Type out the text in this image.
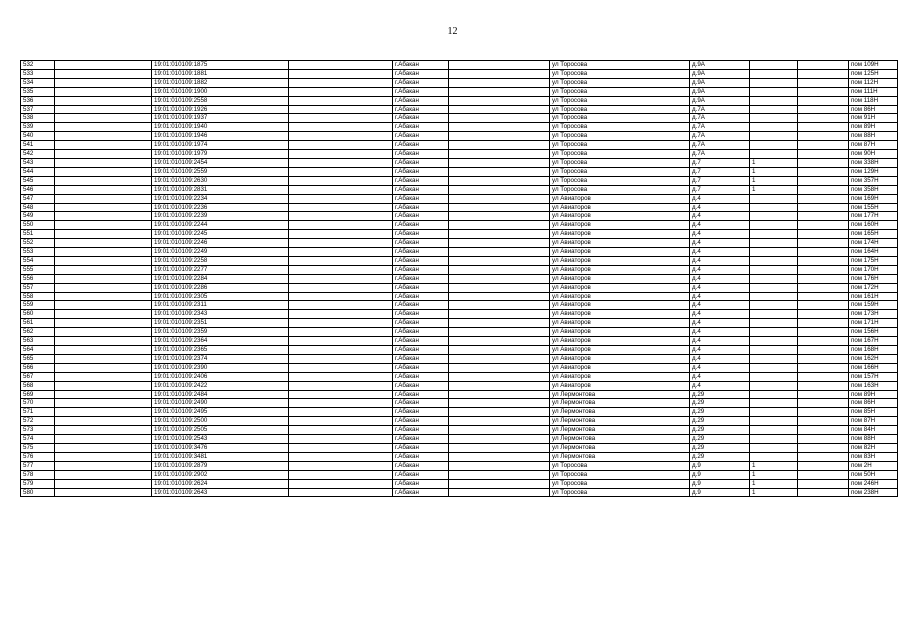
12
532		19:01:010109:1875		г.Абакан		ул Торосова	д.9А			пом 109Н
533		19:01:010109:1881		г.Абакан		ул Торосова	д.9А			пом 125Н
534		19:01:010109:1882		г.Абакан		ул Торосова	д.9А			пом 112Н
535		19:01:010109:1900		г.Абакан		ул Торосова	д.9А			пом 111Н
536		19:01:010109:2558		г.Абакан		ул Торосова	д.9А			пом 118Н
537		19:01:010109:1926		г.Абакан		ул Торосова	д.7А			пом 86Н
538		19:01:010109:1937		г.Абакан		ул Торосова	д.7А			пом 91Н
539		19:01:010109:1940		г.Абакан		ул Торосова	д.7А			пом 89Н
540		19:01:010109:1946		г.Абакан		ул Торосова	д.7А			пом 88Н
541		19:01:010109:1974		г.Абакан		ул Торосова	д.7А			пом 87Н
542		19:01:010109:1979		г.Абакан		ул Торосова	д.7А			пом 90Н
543		19:01:010109:2454		г.Абакан		ул Торосова	д.7	1		пом 338Н
544		19:01:010109:2559		г.Абакан		ул Торосова	д.7	1		пом 129Н
545		19:01:010109:2630		г.Абакан		ул Торосова	д.7	1		пом 357Н
546		19:01:010109:2831		г.Абакан		ул Торосова	д.7	1		пом 358Н
547		19:01:010109:2234		г.Абакан		ул Авиаторов	д.4			пом 169Н
548		19:01:010109:2236		г.Абакан		ул Авиаторов	д.4			пом 155Н
549		19:01:010109:2239		г.Абакан		ул Авиаторов	д.4			пом 177Н
550		19:01:010109:2244		г.Абакан		ул Авиаторов	д.4			пом 160Н
551		19:01:010109:2245		г.Абакан		ул Авиаторов	д.4			пом 165Н
552		19:01:010109:2246		г.Абакан		ул Авиаторов	д.4			пом 174Н
553		19:01:010109:2249		г.Абакан		ул Авиаторов	д.4			пом 164Н
554		19:01:010109:2258		г.Абакан		ул Авиаторов	д.4			пом 175Н
555		19:01:010109:2277		г.Абакан		ул Авиаторов	д.4			пом 170Н
556		19:01:010109:2284		г.Абакан		ул Авиаторов	д.4			пом 176Н
557		19:01:010109:2286		г.Абакан		ул Авиаторов	д.4			пом 172Н
558		19:01:010109:2305		г.Абакан		ул Авиаторов	д.4			пом 161Н
559		19:01:010109:2311		г.Абакан		ул Авиаторов	д.4			пом 159Н
560		19:01:010109:2343		г.Абакан		ул Авиаторов	д.4			пом 173Н
561		19:01:010109:2351		г.Абакан		ул Авиаторов	д.4			пом 171Н
562		19:01:010109:2359		г.Абакан		ул Авиаторов	д.4			пом 156Н
563		19:01:010109:2364		г.Абакан		ул Авиаторов	д.4			пом 167Н
564		19:01:010109:2365		г.Абакан		ул Авиаторов	д.4			пом 168Н
565		19:01:010109:2374		г.Абакан		ул Авиаторов	д.4			пом 162Н
566		19:01:010109:2390		г.Абакан		ул Авиаторов	д.4			пом 166Н
567		19:01:010109:2406		г.Абакан		ул Авиаторов	д.4			пом 157Н
568		19:01:010109:2422		г.Абакан		ул Авиаторов	д.4			пом 163Н
569		19:01:010109:2484		г.Абакан		ул Лермонтова	д.29			пом 89Н
570		19:01:010109:2490		г.Абакан		ул Лермонтова	д.29			пом 86Н
571		19:01:010109:2495		г.Абакан		ул Лермонтова	д.29			пом 85Н
572		19:01:010109:2500		г.Абакан		ул Лермонтова	д.29			пом 87Н
573		19:01:010109:2505		г.Абакан		ул Лермонтова	д.29			пом 84Н
574		19:01:010109:2543		г.Абакан		ул Лермонтова	д.29			пом 88Н
575		19:01:010109:3476		г.Абакан		ул Лермонтова	д.29			пом 82Н
576		19:01:010109:3481		г.Абакан		ул Лермонтова	д.29			пом 83Н
577		19:01:010109:2879		г.Абакан		ул Торосова	д.9	1		пом 2Н
578		19:01:010109:2902		г.Абакан		ул Торосова	д.9	1		пом 50Н
579		19:01:010109:2624		г.Абакан		ул Торосова	д.9	1		пом 246Н
580		19:01:010109:2643		г.Абакан		ул Торосова	д.9	1		пом 238Н
